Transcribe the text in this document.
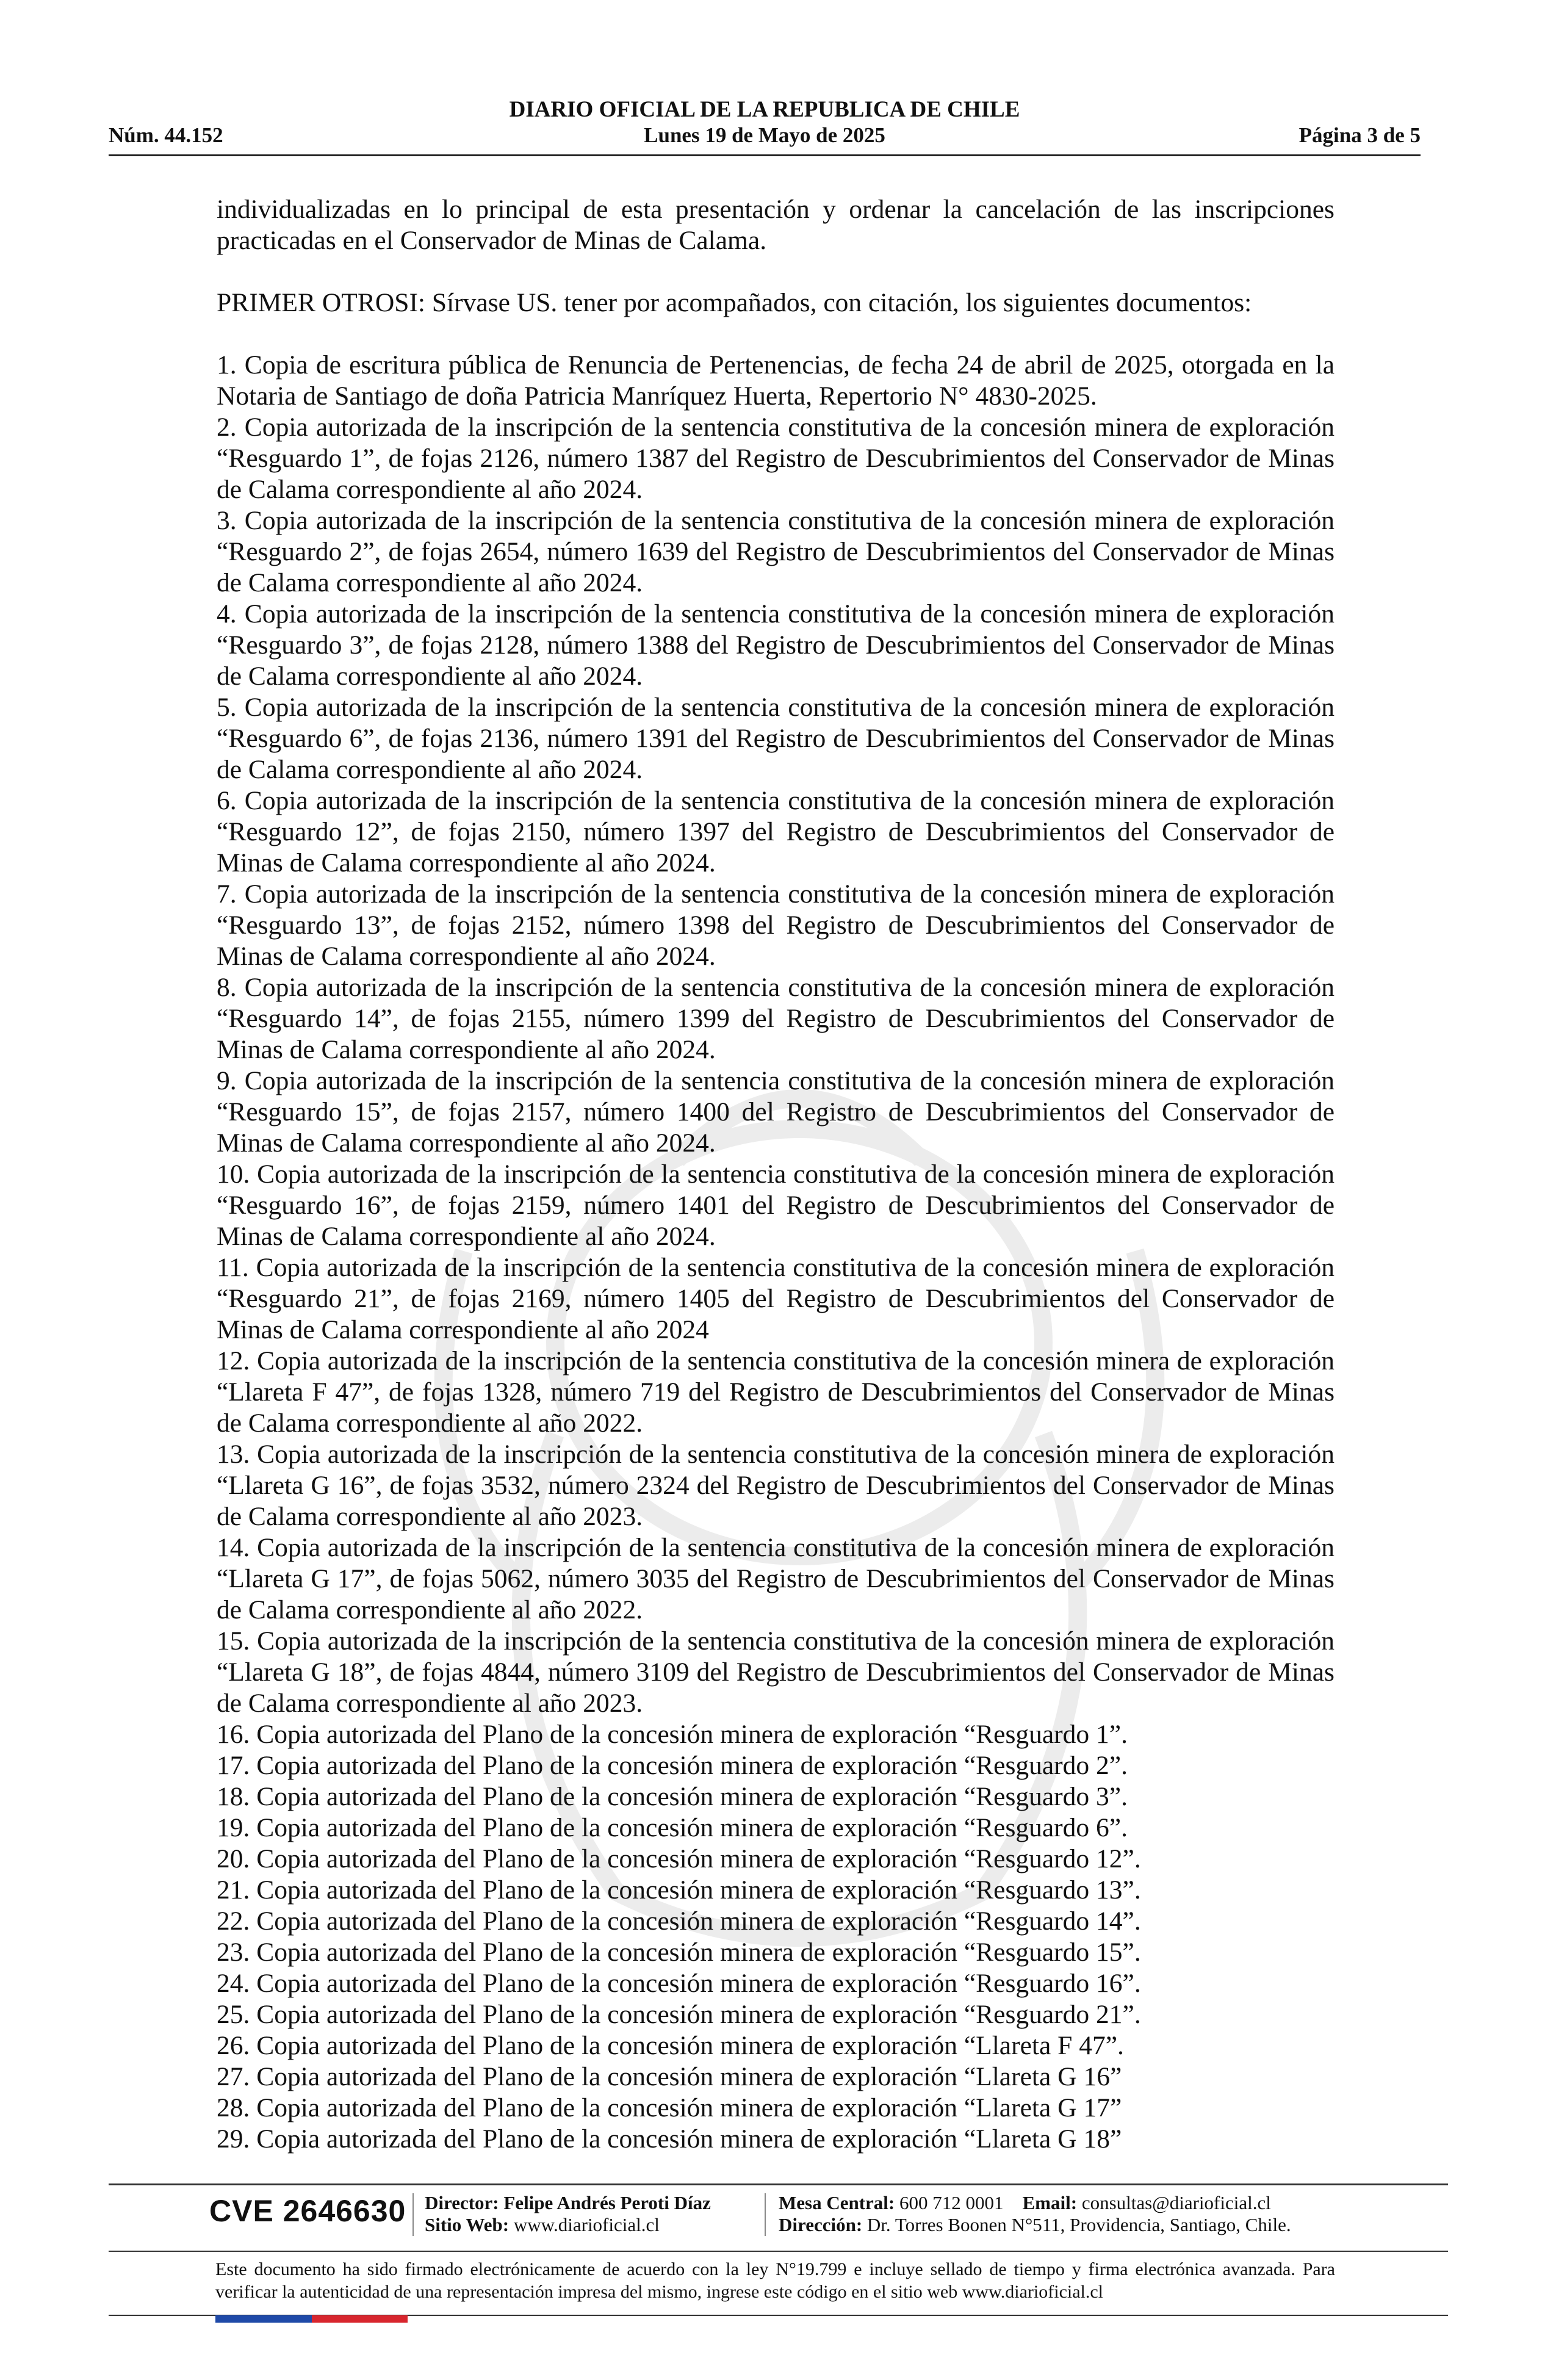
DIARIO OFICIAL DE LA REPUBLICA DE CHILE
Núm. 44.152	Lunes 19 de Mayo de 2025	Página 3 de 5

individualizadas en lo principal de esta presentación y ordenar la cancelación de las inscripciones practicadas en el Conservador de Minas de Calama.

PRIMER OTROSI: Sírvase US. tener por acompañados, con citación, los siguientes documentos:

1. Copia de escritura pública de Renuncia de Pertenencias, de fecha 24 de abril de 2025, otorgada en la Notaria de Santiago de doña Patricia Manríquez Huerta, Repertorio N° 4830-2025.

2. Copia autorizada de la inscripción de la sentencia constitutiva de la concesión minera de exploración “Resguardo 1”, de fojas 2126, número 1387 del Registro de Descubrimientos del Conservador de Minas de Calama correspondiente al año 2024.

3. Copia autorizada de la inscripción de la sentencia constitutiva de la concesión minera de exploración “Resguardo 2”, de fojas 2654, número 1639 del Registro de Descubrimientos del Conservador de Minas de Calama correspondiente al año 2024.

4. Copia autorizada de la inscripción de la sentencia constitutiva de la concesión minera de exploración “Resguardo 3”, de fojas 2128, número 1388 del Registro de Descubrimientos del Conservador de Minas de Calama correspondiente al año 2024.

5. Copia autorizada de la inscripción de la sentencia constitutiva de la concesión minera de exploración “Resguardo 6”, de fojas 2136, número 1391 del Registro de Descubrimientos del Conservador de Minas de Calama correspondiente al año 2024.

6. Copia autorizada de la inscripción de la sentencia constitutiva de la concesión minera de exploración “Resguardo 12”, de fojas 2150, número 1397 del Registro de Descubrimientos del Conservador de Minas de Calama correspondiente al año 2024.

7. Copia autorizada de la inscripción de la sentencia constitutiva de la concesión minera de exploración “Resguardo 13”, de fojas 2152, número 1398 del Registro de Descubrimientos del Conservador de Minas de Calama correspondiente al año 2024.

8. Copia autorizada de la inscripción de la sentencia constitutiva de la concesión minera de exploración “Resguardo 14”, de fojas 2155, número 1399 del Registro de Descubrimientos del Conservador de Minas de Calama correspondiente al año 2024.

9. Copia autorizada de la inscripción de la sentencia constitutiva de la concesión minera de exploración “Resguardo 15”, de fojas 2157, número 1400 del Registro de Descubrimientos del Conservador de Minas de Calama correspondiente al año 2024.

10. Copia autorizada de la inscripción de la sentencia constitutiva de la concesión minera de exploración “Resguardo 16”, de fojas 2159, número 1401 del Registro de Descubrimientos del Conservador de Minas de Calama correspondiente al año 2024.

11. Copia autorizada de la inscripción de la sentencia constitutiva de la concesión minera de exploración “Resguardo 21”, de fojas 2169, número 1405 del Registro de Descubrimientos del Conservador de Minas de Calama correspondiente al año 2024

12. Copia autorizada de la inscripción de la sentencia constitutiva de la concesión minera de exploración “Llareta F 47”, de fojas 1328, número 719 del Registro de Descubrimientos del Conservador de Minas de Calama correspondiente al año 2022.

13. Copia autorizada de la inscripción de la sentencia constitutiva de la concesión minera de exploración “Llareta G 16”, de fojas 3532, número 2324 del Registro de Descubrimientos del Conservador de Minas de Calama correspondiente al año 2023.

14. Copia autorizada de la inscripción de la sentencia constitutiva de la concesión minera de exploración “Llareta G 17”, de fojas 5062, número 3035 del Registro de Descubrimientos del Conservador de Minas de Calama correspondiente al año 2022.

15. Copia autorizada de la inscripción de la sentencia constitutiva de la concesión minera de exploración “Llareta G 18”, de fojas 4844, número 3109 del Registro de Descubrimientos del Conservador de Minas de Calama correspondiente al año 2023.

16. Copia autorizada del Plano de la concesión minera de exploración “Resguardo 1”.

17. Copia autorizada del Plano de la concesión minera de exploración “Resguardo 2”.

18. Copia autorizada del Plano de la concesión minera de exploración “Resguardo 3”.

19. Copia autorizada del Plano de la concesión minera de exploración “Resguardo 6”.

20. Copia autorizada del Plano de la concesión minera de exploración “Resguardo 12”.

21. Copia autorizada del Plano de la concesión minera de exploración “Resguardo 13”.

22. Copia autorizada del Plano de la concesión minera de exploración “Resguardo 14”.

23. Copia autorizada del Plano de la concesión minera de exploración “Resguardo 15”.

24. Copia autorizada del Plano de la concesión minera de exploración “Resguardo 16”.

25. Copia autorizada del Plano de la concesión minera de exploración “Resguardo 21”.

26. Copia autorizada del Plano de la concesión minera de exploración “Llareta F 47”.

27. Copia autorizada del Plano de la concesión minera de exploración “Llareta G 16”

28. Copia autorizada del Plano de la concesión minera de exploración “Llareta G 17”

29. Copia autorizada del Plano de la concesión minera de exploración “Llareta G 18”

CVE 2646630 Director: Felipe Andrés Peroti Díaz
Sitio Web: www.diarioficial.cl
Mesa Central: 600 712 0001 Email: consultas@diarioficial.cl
Dirección: Dr. Torres Boonen N°511, Providencia, Santiago, Chile.
Este documento ha sido firmado electrónicamente de acuerdo con la ley N°19.799 e incluye sellado de tiempo y firma electrónica avanzada. Para verificar la autenticidad de una representación impresa del mismo, ingrese este código en el sitio web www.diarioficial.cl
